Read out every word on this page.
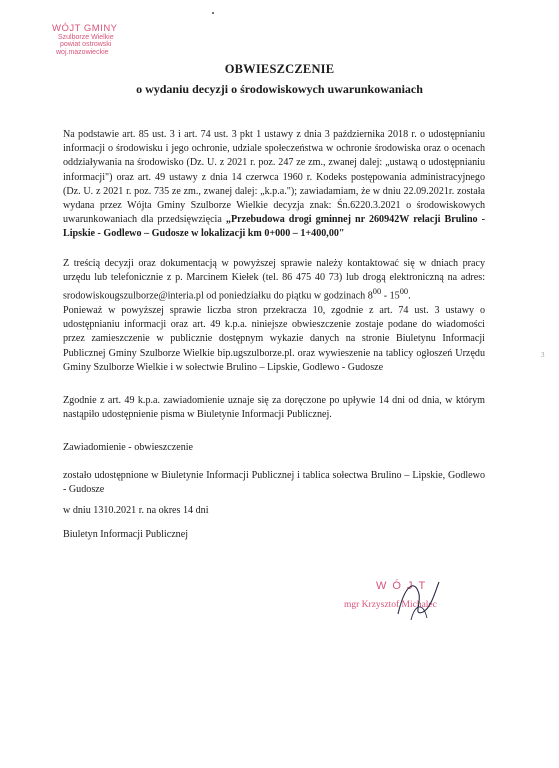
WÓJT GMINY
Szulborze Wielkie
powiat ostrowski
woj.mazowieckie
OBWIESZCZENIE
o wydaniu decyzji o środowiskowych uwarunkowaniach
Na podstawie art. 85 ust. 3 i art. 74 ust. 3 pkt 1 ustawy z dnia 3 października 2018 r. o udostępnianiu informacji o środowisku i jego ochronie, udziale społeczeństwa w ochronie środowiska oraz o ocenach oddziaływania na środowisko (Dz. U. z 2021 r. poz. 247 ze zm., zwanej dalej: „ustawą o udostępnianiu informacji") oraz art. 49 ustawy z dnia 14 czerwca 1960 r. Kodeks postępowania administracyjnego (Dz. U. z 2021 r. poz. 735 ze zm., zwanej dalej: „k.p.a."); zawiadamiam, że w dniu 22.09.2021r. została wydana przez Wójta Gminy Szulborze Wielkie decyzja znak: Śn.6220.3.2021 o środowiskowych uwarunkowaniach dla przedsięwzięcia „Przebudowa drogi gminnej nr 260942W relacji Brulino - Lipskie - Godlewo – Gudosze w lokalizacji km 0+000 – 1+400,00"
Z treścią decyzji oraz dokumentacją w powyższej sprawie należy kontaktować się w dniach pracy urzędu lub telefonicznie z p. Marcinem Kiełek (tel. 86 475 40 73) lub drogą elektroniczną na adres: srodowiskougszulborze@interia.pl od poniedziałku do piątku w godzinach $8^{00} - 15^{00}$.
Ponieważ w powyższej sprawie liczba stron przekracza 10, zgodnie z art. 74 ust. 3 ustawy o udostępnianiu informacji oraz art. 49 k.p.a. niniejsze obwieszczenie zostaje podane do wiadomości przez zamieszczenie w publicznie dostępnym wykazie danych na stronie Biuletynu Informacji Publicznej Gminy Szulborze Wielkie bip.ugszulborze.pl. oraz wywieszenie na tablicy ogłoszeń Urzędu Gminy Szulborze Wielkie i w sołectwie Brulino – Lipskie, Godlewo - Gudosze
Zgodnie z art. 49 k.p.a. zawiadomienie uznaje się za doręczone po upływie 14 dni od dnia, w którym nastąpiło udostępnienie pisma w Biuletynie Informacji Publicznej.
Zawiadomienie - obwieszczenie
zostało udostępnione w Biuletynie Informacji Publicznej i tablica sołectwa Brulino – Lipskie, Godlewo - Gudosze
w dniu 1310.2021 r. na okres 14 dni
Biuletyn Informacji Publicznej
3
WÓJT
mgr Krzysztof Michalec
